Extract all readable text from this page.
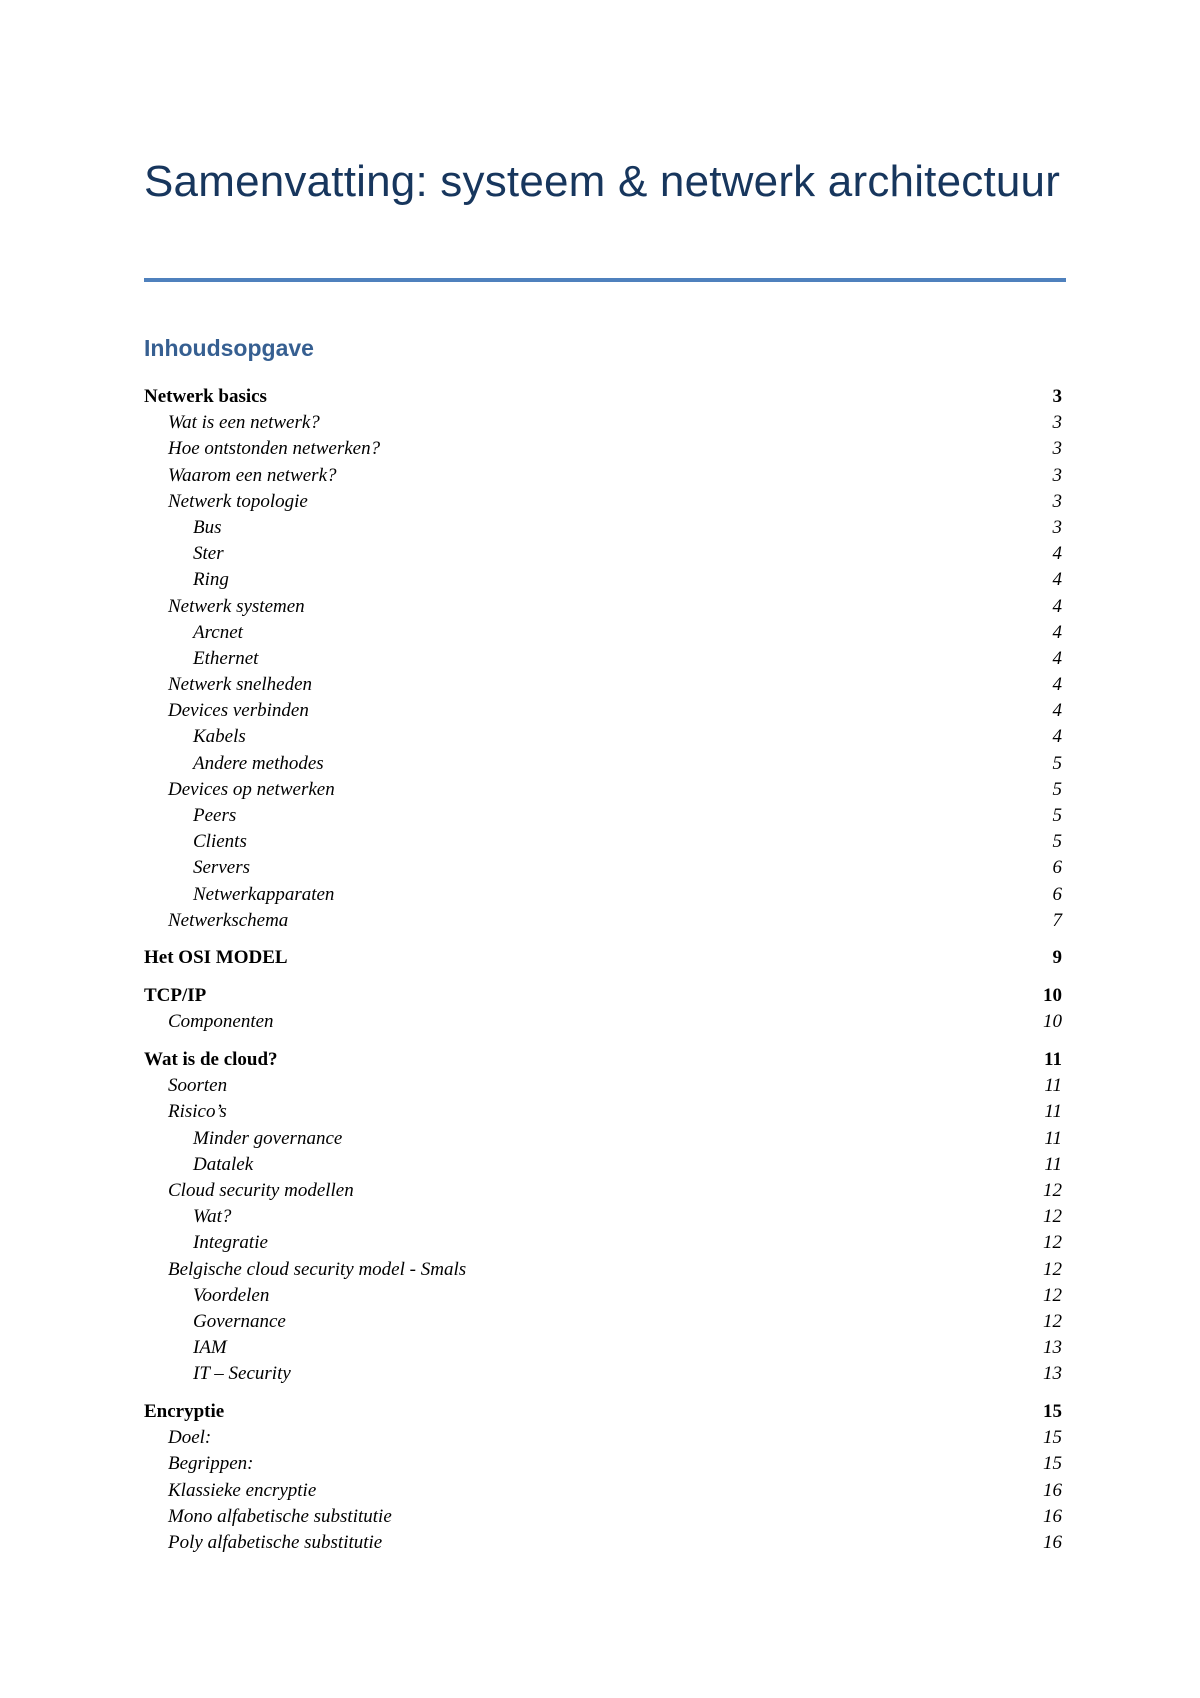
Samenvatting: systeem & netwerk architectuur
Inhoudsopgave
Netwerk basics	3
Wat is een netwerk?	3
Hoe ontstonden netwerken?	3
Waarom een netwerk?	3
Netwerk topologie	3
Bus	3
Ster	4
Ring	4
Netwerk systemen	4
Arcnet	4
Ethernet	4
Netwerk snelheden	4
Devices verbinden	4
Kabels	4
Andere methodes	5
Devices op netwerken	5
Peers	5
Clients	5
Servers	6
Netwerkapparaten	6
Netwerkschema	7
Het OSI MODEL	9
TCP/IP	10
Componenten	10
Wat is de cloud?	11
Soorten	11
Risico’s	11
Minder governance	11
Datalek	11
Cloud security modellen	12
Wat?	12
Integratie	12
Belgische cloud security model - Smals	12
Voordelen	12
Governance	12
IAM	13
IT – Security	13
Encryptie	15
Doel:	15
Begrippen:	15
Klassieke encryptie	16
Mono alfabetische substitutie	16
Poly alfabetische substitutie	16
